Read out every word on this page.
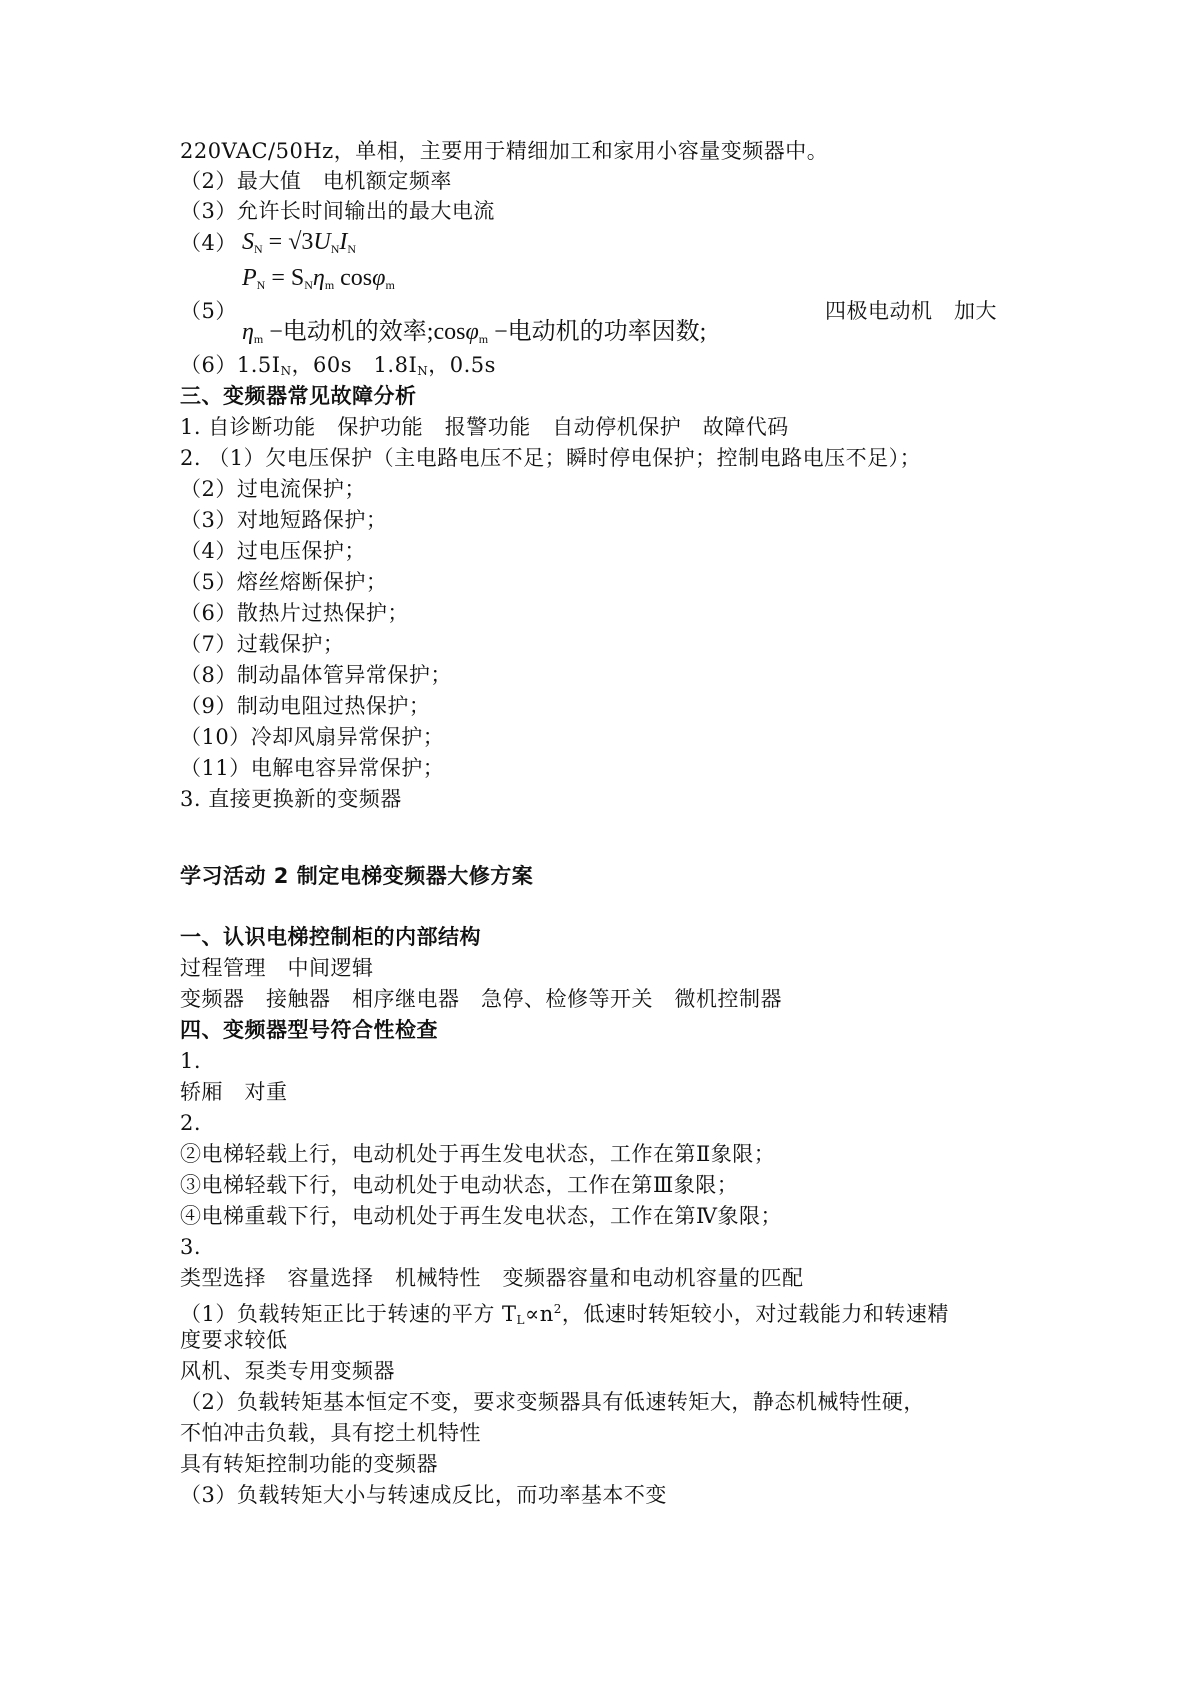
220VAC/50Hz，单相，主要用于精细加工和家用小容量变频器中。
（2）最大值　电机额定频率
（3）允许长时间输出的最大电流
（4） $S_N = √3U_NI_N$
$P_N = S_N\eta_m$ cosφ$_m$
（5）
$\eta_m$ −电动机的效率;cosφ$_m$ −电动机的功率因数;
四极电动机　加大
（6）1.5IN，60s　1.8IN，0.5s
三、变频器常见故障分析
1. 自诊断功能　保护功能　报警功能　自动停机保护　故障代码
2. （1）欠电压保护（主电路电压不足；瞬时停电保护；控制电路电压不足）；
（2）过电流保护；
（3）对地短路保护；
（4）过电压保护；
（5）熔丝熔断保护；
（6）散热片过热保护；
（7）过载保护；
（8）制动晶体管异常保护；
（9）制动电阻过热保护；
（10）冷却风扇异常保护；
（11）电解电容异常保护；
3. 直接更换新的变频器
学习活动 2 制定电梯变频器大修方案
一、认识电梯控制柜的内部结构
过程管理　中间逻辑
变频器　接触器　相序继电器　急停、检修等开关　微机控制器
四、变频器型号符合性检查
1.
轿厢　对重
2.
②电梯轻载上行，电动机处于再生发电状态，工作在第Ⅱ象限；
③电梯轻载下行，电动机处于电动状态，工作在第Ⅲ象限；
④电梯重载下行，电动机处于再生发电状态，工作在第Ⅳ象限；
3.
类型选择　容量选择　机械特性　变频器容量和电动机容量的匹配
（1）负载转矩正比于转速的平方 $TL\propto n^2$，低速时转矩较小，对过载能力和转速精
度要求较低
风机、泵类专用变频器
（2）负载转矩基本恒定不变，要求变频器具有低速转矩大，静态机械特性硬，
不怕冲击负载，具有挖土机特性
具有转矩控制功能的变频器
（3）负载转矩大小与转速成反比，而功率基本不变
